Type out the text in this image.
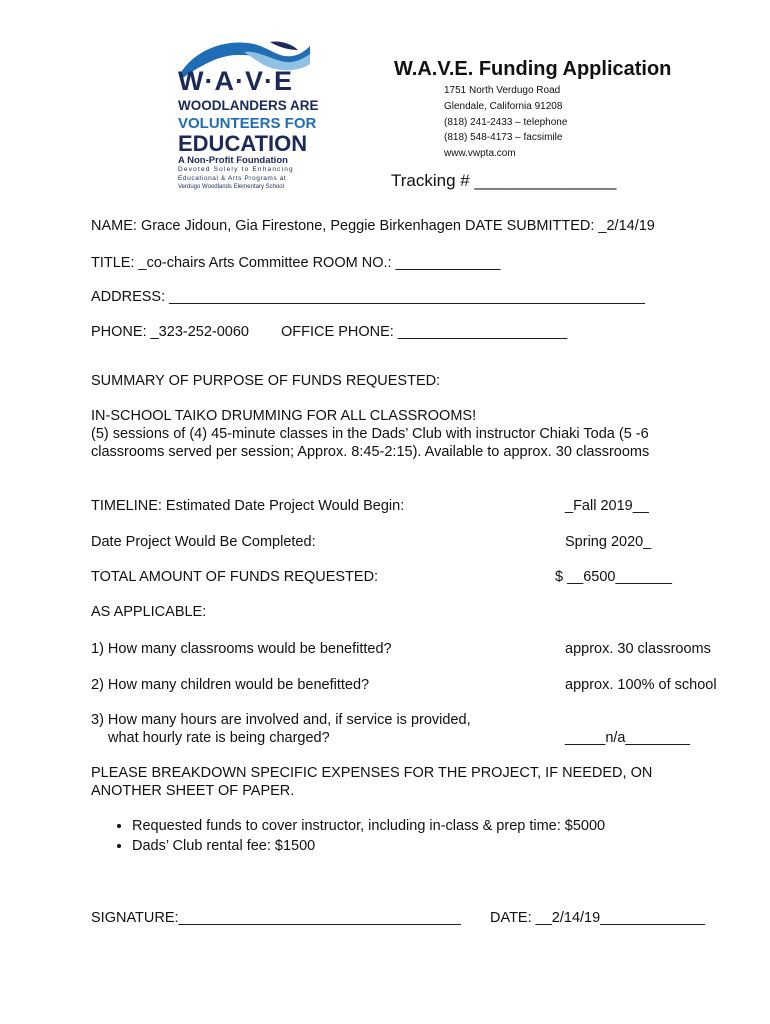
W·A·V·E
WOODLANDERS ARE
VOLUNTEERS FOR
EDUCATION
A Non-Profit Foundation
Devoted Solely to Enhancing
Educational & Arts Programs at
Verdugo Woodlands Elementary School
W.A.V.E. Funding Application
1751 North Verdugo Road
Glendale, California 91208
(818) 241-2433 – telephone
(818) 548-4173 – facsimile
www.vwpta.com
Tracking # _______________
NAME: Grace Jidoun, Gia Firestone, Peggie Birkenhagen DATE SUBMITTED: _2/14/19
TITLE: _co-chairs Arts Committee ROOM NO.: _____________
ADDRESS: ___________________________________________________________
PHONE: _323-252-0060 OFFICE PHONE: _____________________
SUMMARY OF PURPOSE OF FUNDS REQUESTED:
IN-SCHOOL TAIKO DRUMMING FOR ALL CLASSROOMS!
(5) sessions of (4) 45-minute classes in the Dads’ Club with instructor Chiaki Toda (5 -6
classrooms served per session; Approx. 8:45-2:15). Available to approx. 30 classrooms
TIMELINE: Estimated Date Project Would Begin:	_Fall 2019__
Date Project Would Be Completed:	Spring 2020_
TOTAL AMOUNT OF FUNDS REQUESTED:	$ __6500_______
AS APPLICABLE:
1) How many classrooms would be benefitted?	approx. 30 classrooms
2) How many children would be benefitted?	approx. 100% of school
3) How many hours are involved and, if service is provided,
what hourly rate is being charged?	_____n/a________
PLEASE BREAKDOWN SPECIFIC EXPENSES FOR THE PROJECT, IF NEEDED, ON
ANOTHER SHEET OF PAPER.
• Requested funds to cover instructor, including in-class & prep time: $5000
• Dads’ Club rental fee: $1500
SIGNATURE:___________________________________ DATE: __2/14/19_____________
